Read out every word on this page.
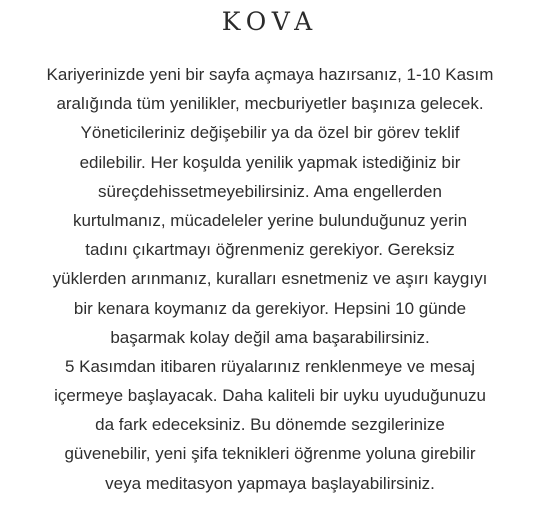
KOVA

Kariyerinizde yeni bir sayfa açmaya hazırsanız, 1-10 Kasım
aralığında tüm yenilikler, mecburiyetler başınıza gelecek.
Yöneticileriniz değişebilir ya da özel bir görev teklif
edilebilir. Her koşulda yenilik yapmak istediğiniz bir
süreçdehissetmeyebilirsiniz. Ama engellerden
kurtulmanız, mücadeleler yerine bulunduğunuz yerin
tadını çıkartmayı öğrenmeniz gerekiyor. Gereksiz
yüklerden arınmanız, kuralları esnetmeniz ve aşırı kaygıyı
bir kenara koymanız da gerekiyor. Hepsini 10 günde
başarmak kolay değil ama başarabilirsiniz.
5 Kasımdan itibaren rüyalarınız renklenmeye ve mesaj
içermeye başlayacak. Daha kaliteli bir uyku uyuduğunuzu
da fark edeceksiniz. Bu dönemde sezgilerinize
güvenebilir, yeni şifa teknikleri öğrenme yoluna girebilir
veya meditasyon yapmaya başlayabilirsiniz.
